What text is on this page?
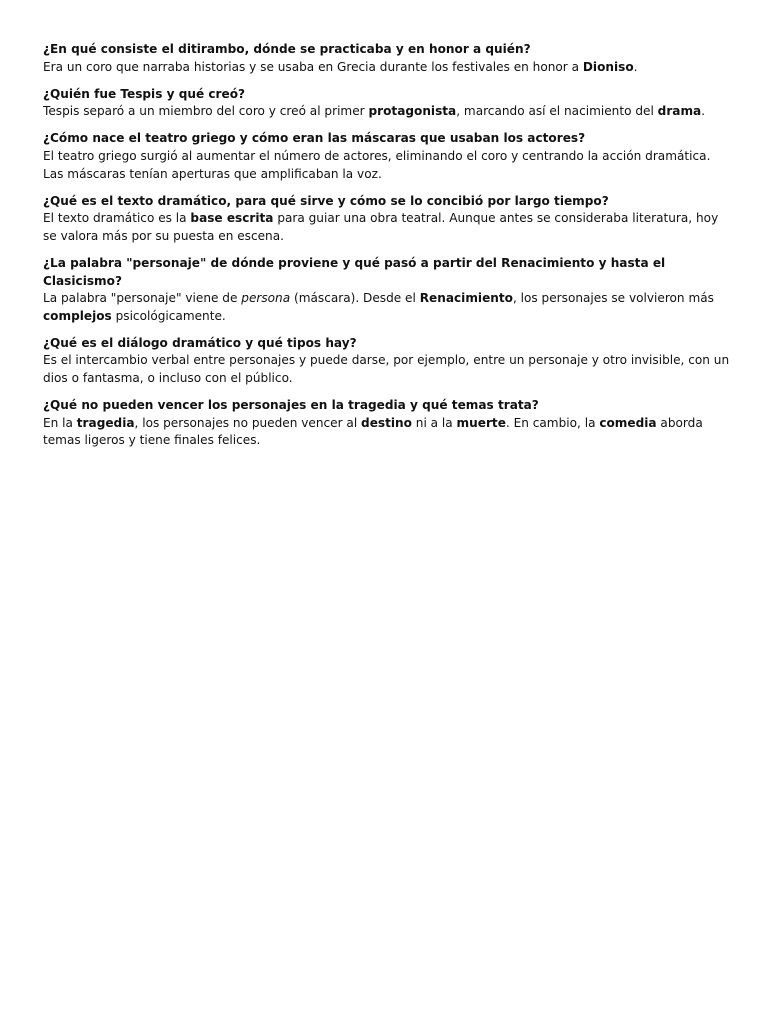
¿En qué consiste el ditirambo, dónde se practicaba y en honor a quién?
Era un coro que narraba historias y se usaba en Grecia durante los festivales en honor a Dioniso.
¿Quién fue Tespis y qué creó?
Tespis separó a un miembro del coro y creó al primer protagonista, marcando así el nacimiento del drama.
¿Cómo nace el teatro griego y cómo eran las máscaras que usaban los actores?
El teatro griego surgió al aumentar el número de actores, eliminando el coro y centrando la acción dramática. Las máscaras tenían aperturas que amplificaban la voz.
¿Qué es el texto dramático, para qué sirve y cómo se lo concibió por largo tiempo?
El texto dramático es la base escrita para guiar una obra teatral. Aunque antes se consideraba literatura, hoy se valora más por su puesta en escena.
¿La palabra "personaje" de dónde proviene y qué pasó a partir del Renacimiento y hasta el Clasicismo?
La palabra "personaje" viene de persona (máscara). Desde el Renacimiento, los personajes se volvieron más complejos psicológicamente.
¿Qué es el diálogo dramático y qué tipos hay?
Es el intercambio verbal entre personajes y puede darse, por ejemplo, entre un personaje y otro invisible, con un dios o fantasma, o incluso con el público.
¿Qué no pueden vencer los personajes en la tragedia y qué temas trata?
En la tragedia, los personajes no pueden vencer al destino ni a la muerte. En cambio, la comedia aborda temas ligeros y tiene finales felices.
